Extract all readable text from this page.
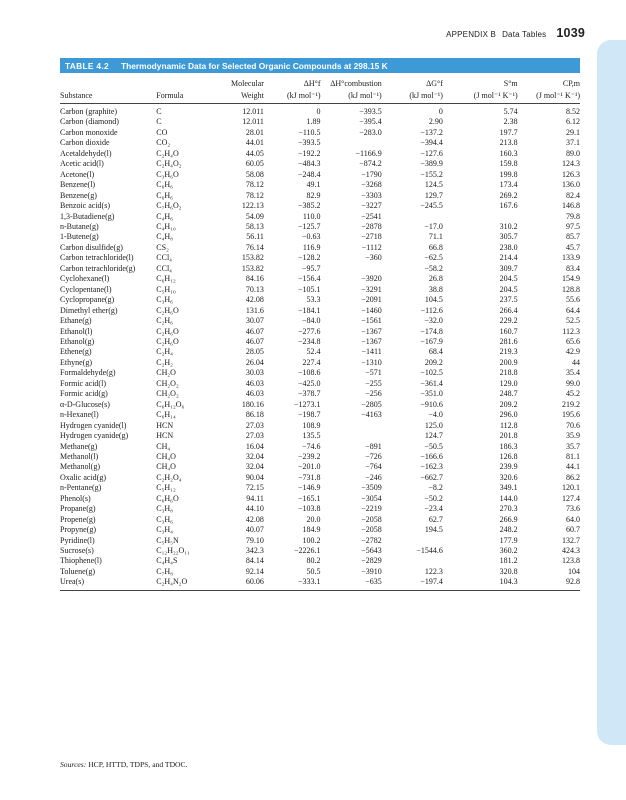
APPENDIX B Data Tables 1039
TABLE 4.2 Thermodynamic Data for Selected Organic Compounds at 298.15 K
		Molecular	ΔH°f	ΔH°combustion	ΔG°f	S°m	CP,m
Substance	Formula	Weight	(kJ mol⁻¹)	(kJ mol⁻¹)	(kJ mol⁻¹)	(J mol⁻¹ K⁻¹)	(J mol⁻¹ K⁻¹)
Carbon (graphite)	C	12.011	0	−393.5	0	5.74	8.52
Carbon (diamond)	C	12.011	1.89	−395.4	2.90	2.38	6.12
Carbon monoxide	CO	28.01	−110.5	−283.0	−137.2	197.7	29.1
Carbon dioxide	CO₂	44.01	−393.5		−394.4	213.8	37.1
Acetaldehyde(l)	C₂H₄O	44.05	−192.2	−1166.9	−127.6	160.3	89.0
Acetic acid(l)	C₂H₄O₂	60.05	−484.3	−874.2	−389.9	159.8	124.3
Acetone(l)	C₃H₆O	58.08	−248.4	−1790	−155.2	199.8	126.3
Benzene(l)	C₆H₆	78.12	49.1	−3268	124.5	173.4	136.0
Benzene(g)	C₆H₆	78.12	82.9	−3303	129.7	269.2	82.4
Benzoic acid(s)	C₇H₆O₂	122.13	−385.2	−3227	−245.5	167.6	146.8
1,3-Butadiene(g)	C₄H₆	54.09	110.0	−2541			79.8
n-Butane(g)	C₄H₁₀	58.13	−125.7	−2878	−17.0	310.2	97.5
1-Butene(g)	C₄H₈	56.11	−0.63	−2718	71.1	305.7	85.7
Carbon disulfide(g)	CS₂	76.14	116.9	−1112	66.8	238.0	45.7
Carbon tetrachloride(l)	CCl₄	153.82	−128.2	−360	−62.5	214.4	133.9
Carbon tetrachloride(g)	CCl₄	153.82	−95.7		−58.2	309.7	83.4
Cyclohexane(l)	C₆H₁₂	84.16	−156.4	−3920	26.8	204.5	154.9
Cyclopentane(l)	C₅H₁₀	70.13	−105.1	−3291	38.8	204.5	128.8
Cyclopropane(g)	C₃H₆	42.08	53.3	−2091	104.5	237.5	55.6
Dimethyl ether(g)	C₂H₆O	131.6	−184.1	−1460	−112.6	266.4	64.4
Ethane(g)	C₂H₆	30.07	−84.0	−1561	−32.0	229.2	52.5
Ethanol(l)	C₂H₆O	46.07	−277.6	−1367	−174.8	160.7	112.3
Ethanol(g)	C₂H₆O	46.07	−234.8	−1367	−167.9	281.6	65.6
Ethene(g)	C₂H₄	28.05	52.4	−1411	68.4	219.3	42.9
Ethyne(g)	C₂H₂	26.04	227.4	−1310	209.2	200.9	44
Formaldehyde(g)	CH₂O	30.03	−108.6	−571	−102.5	218.8	35.4
Formic acid(l)	CH₂O₂	46.03	−425.0	−255	−361.4	129.0	99.0
Formic acid(g)	CH₂O₂	46.03	−378.7	−256	−351.0	248.7	45.2
α-D-Glucose(s)	C₆H₁₂O₆	180.16	−1273.1	−2805	−910.6	209.2	219.2
n-Hexane(l)	C₆H₁₄	86.18	−198.7	−4163	−4.0	296.0	195.6
Hydrogen cyanide(l)	HCN	27.03	108.9		125.0	112.8	70.6
Hydrogen cyanide(g)	HCN	27.03	135.5		124.7	201.8	35.9
Methane(g)	CH₄	16.04	−74.6	−891	−50.5	186.3	35.7
Methanol(l)	CH₄O	32.04	−239.2	−726	−166.6	126.8	81.1
Methanol(g)	CH₄O	32.04	−201.0	−764	−162.3	239.9	44.1
Oxalic acid(g)	C₂H₂O₄	90.04	−731.8	−246	−662.7	320.6	86.2
n-Pentane(g)	C₅H₁₂	72.15	−146.9	−3509	−8.2	349.1	120.1
Phenol(s)	C₆H₆O	94.11	−165.1	−3054	−50.2	144.0	127.4
Propane(g)	C₃H₈	44.10	−103.8	−2219	−23.4	270.3	73.6
Propene(g)	C₃H₆	42.08	20.0	−2058	62.7	266.9	64.0
Propyne(g)	C₃H₄	40.07	184.9	−2058	194.5	248.2	60.7
Pyridine(l)	C₅H₅N	79.10	100.2	−2782		177.9	132.7
Sucrose(s)	C₁₂H₂₂O₁₁	342.3	−2226.1	−5643	−1544.6	360.2	424.3
Thiophene(l)	C₄H₄S	84.14	80.2	−2829		181.2	123.8
Toluene(g)	C₇H₈	92.14	50.5	−3910	122.3	320.8	104
Urea(s)	C₂H₄N₂O	60.06	−333.1	−635	−197.4	104.3	92.8
Sources: HCP, HTTD, TDPS, and TDOC.
